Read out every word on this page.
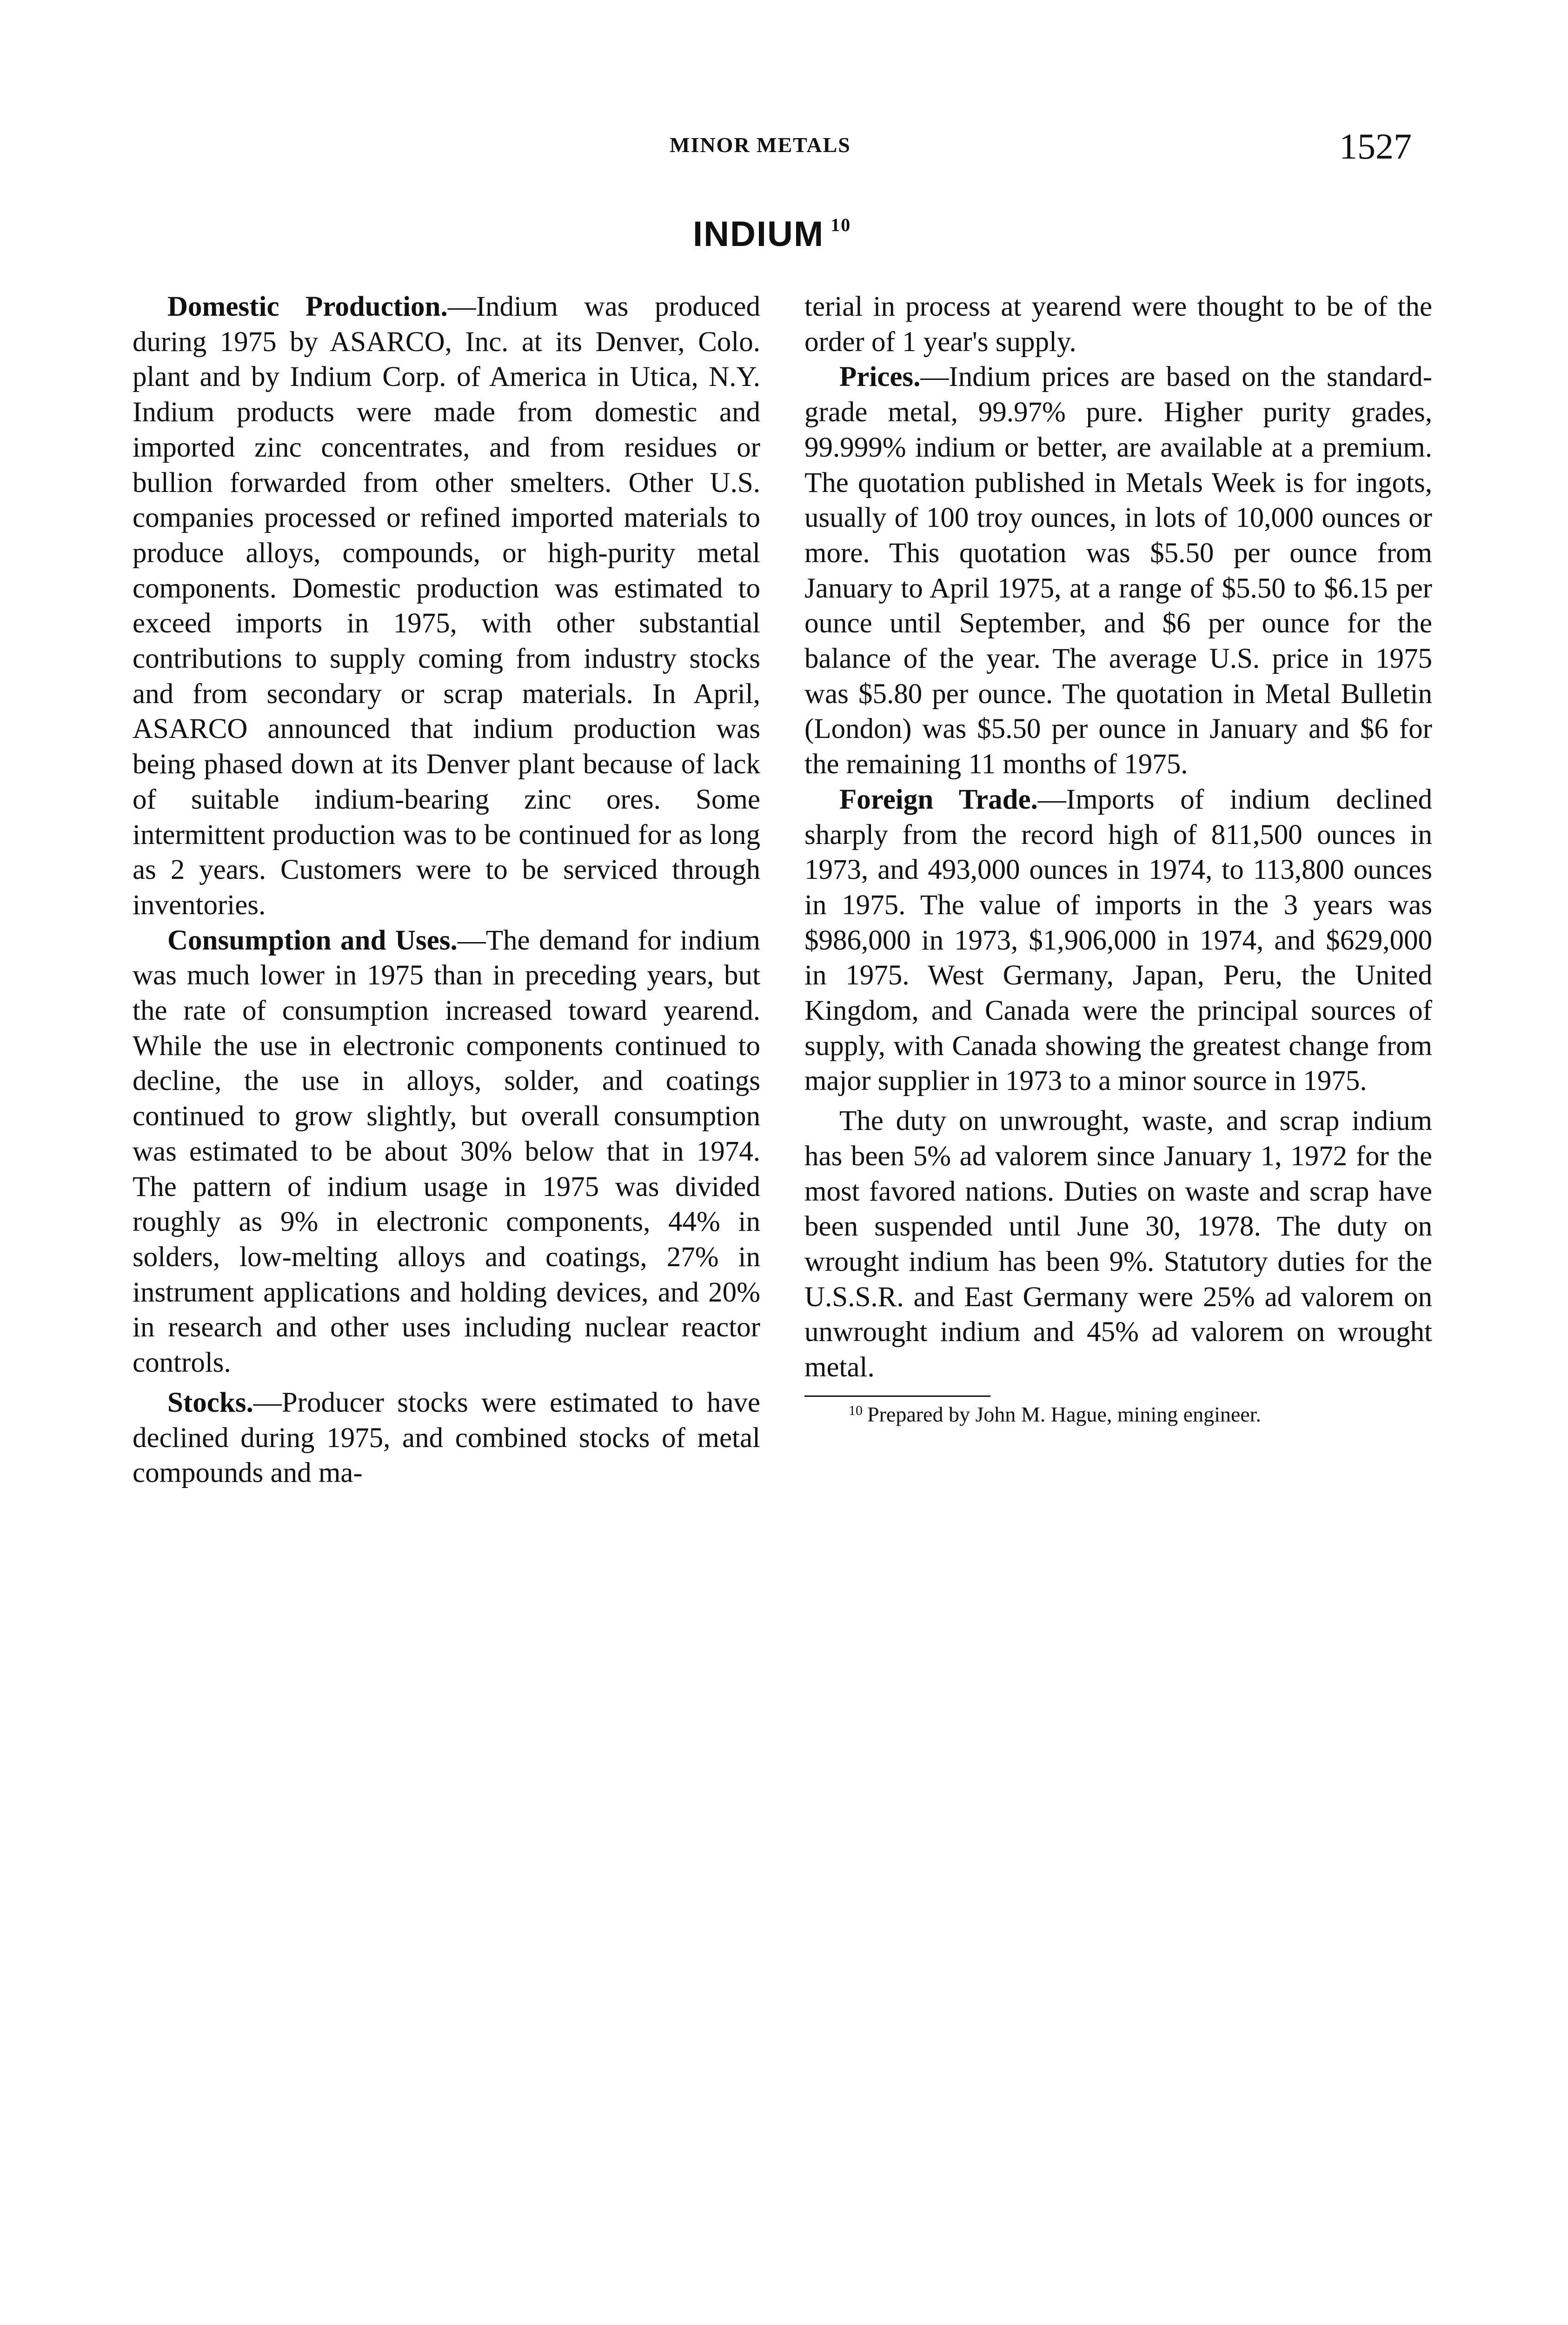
MINOR METALS	1527
INDIUM $^{10}$

Domestic Production.—Indium was produced during 1975 by ASARCO, Inc. at its Denver, Colo. plant and by Indium Corp. of America in Utica, N.Y. Indium products were made from domestic and imported zinc concentrates, and from residues or bullion forwarded from other smelters. Other U.S. companies processed or refined imported materials to produce alloys, compounds, or high-purity metal components. Domestic production was estimated to exceed imports in 1975, with other substantial contributions to supply coming from industry stocks and from secondary or scrap materials. In April, ASARCO announced that indium production was being phased down at its Denver plant because of lack of suitable indium-bearing zinc ores. Some intermittent production was to be continued for as long as 2 years. Customers were to be serviced through inventories.

Consumption and Uses.—The demand for indium was much lower in 1975 than in preceding years, but the rate of consumption increased toward yearend. While the use in electronic components continued to decline, the use in alloys, solder, and coatings continued to grow slightly, but overall consumption was estimated to be about 30% below that in 1974. The pattern of indium usage in 1975 was divided roughly as 9% in electronic components, 44% in solders, low-melting alloys and coatings, 27% in instrument applications and holding devices, and 20% in research and other uses including nuclear reactor controls.

Stocks.—Producer stocks were estimated to have declined during 1975, and combined stocks of metal compounds and ma-

terial in process at yearend were thought to be of the order of 1 year's supply.

Prices.—Indium prices are based on the standard-grade metal, 99.97% pure. Higher purity grades, 99.999% indium or better, are available at a premium. The quotation published in Metals Week is for ingots, usually of 100 troy ounces, in lots of 10,000 ounces or more. This quotation was $5.50 per ounce from January to April 1975, at a range of $5.50 to $6.15 per ounce until September, and $6 per ounce for the balance of the year. The average U.S. price in 1975 was $5.80 per ounce. The quotation in Metal Bulletin (London) was $5.50 per ounce in January and $6 for the remaining 11 months of 1975.

Foreign Trade.—Imports of indium declined sharply from the record high of 811,500 ounces in 1973, and 493,000 ounces in 1974, to 113,800 ounces in 1975. The value of imports in the 3 years was $986,000 in 1973, $1,906,000 in 1974, and $629,000 in 1975. West Germany, Japan, Peru, the United Kingdom, and Canada were the principal sources of supply, with Canada showing the greatest change from major supplier in 1973 to a minor source in 1975.

The duty on unwrought, waste, and scrap indium has been 5% ad valorem since January 1, 1972 for the most favored nations. Duties on waste and scrap have been suspended until June 30, 1978. The duty on wrought indium has been 9%. Statutory duties for the U.S.S.R. and East Germany were 25% ad valorem on unwrought indium and 45% ad valorem on wrought metal.

$^{10}$ Prepared by John M. Hague, mining engineer.
